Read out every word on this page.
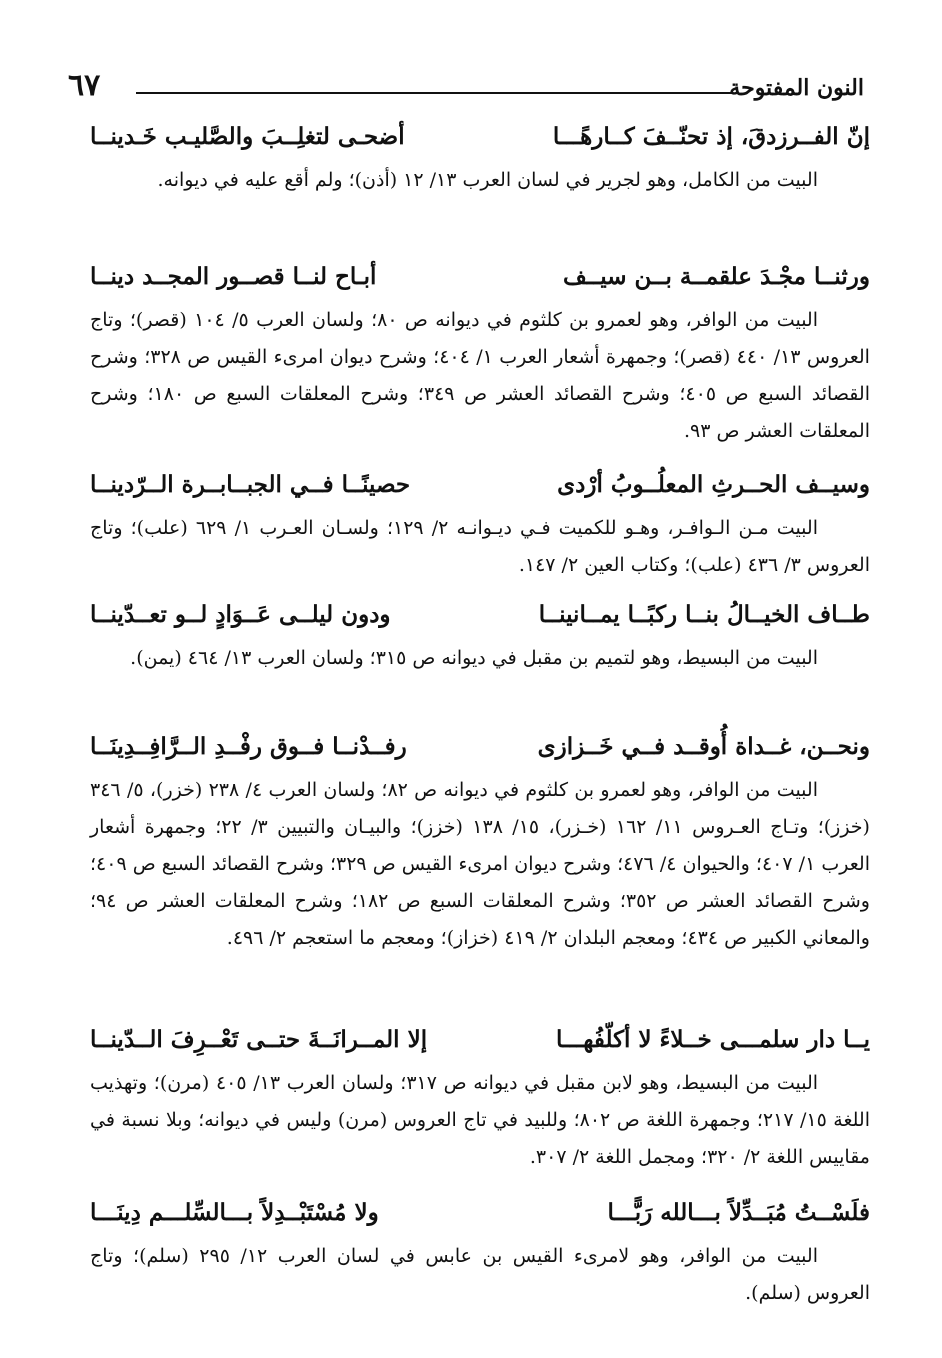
النون المفتوحة
٦٧
إنّ الفــرزدقَ، إذ تحنّــفَ كــارهًـــا
أضحـى لتغلِــبَ والصَّليـب خَـدينــا

البيت من الكامل، وهو لجرير في لسان العرب ١٣/ ١٢ (أذن)؛ ولم أقع عليه في ديوانه.

ورثنــا مجْـدَ علقمــة بــن سيــف
أبـاح لنــا قصــور المجــد دينــا

البيت من الوافر، وهو لعمرو بن كلثوم في ديوانه ص ٨٠؛ ولسان العرب ٥/ ١٠٤ (قصر)؛ وتاج العروس ١٣/ ٤٤٠ (قصر)؛ وجمهرة أشعار العرب ١/ ٤٠٤؛ وشرح ديوان امرىء القيس ص ٣٢٨؛ وشرح القصائد السبع ص ٤٠٥؛ وشرح القصائد العشر ص ٣٤٩؛ وشرح المعلقات السبع ص ١٨٠؛ وشرح المعلقات العشر ص ٩٣.

وسيــف الحــرثِ المعلُــوبُ أرْدى
حصينًــا فــي الجبــابــرة الــرّدينــا

البيت مـن الـوافـر، وهـو للكميت فـي ديـوانـه ٢/ ١٢٩؛ ولسـان العـرب ١/ ٦٢٩ (علب)؛ وتاج العروس ٣/ ٤٣٦ (علب)؛ وكتاب العين ٢/ ١٤٧.

طــاف الخيــالُ بنــا ركبًــا يمــانينــا
ودون ليلــى عَــوَادٍ لــو تعــدّينــا

البيت من البسيط، وهو لتميم بن مقبل في ديوانه ص ٣١٥؛ ولسان العرب ١٣/ ٤٦٤ (يمن).

ونحــن، غــداة أُوقــد فــي خَــزازى
رفــدْنــا فــوق رفْــدِ الــرَّافِــدِينَــا

البيت من الوافر، وهو لعمرو بن كلثوم في ديوانه ص ٨٢؛ ولسان العرب ٤/ ٢٣٨ (خزر)، ٥/ ٣٤٦ (خزز)؛ وتـاج العـروس ١١/ ١٦٢ (خـزر)، ١٥/ ١٣٨ (خزز)؛ والبيـان والتبيين ٣/ ٢٢؛ وجمهرة أشعار العرب ١/ ٤٠٧؛ والحيوان ٤/ ٤٧٦؛ وشرح ديوان امرىء القيس ص ٣٢٩؛ وشرح القصائد السبع ص ٤٠٩؛ وشرح القصائد العشر ص ٣٥٢؛ وشرح المعلقات السبع ص ١٨٢؛ وشرح المعلقات العشر ص ٩٤؛ والمعاني الكبير ص ٤٣٤؛ ومعجم البلدان ٢/ ٤١٩ (خزاز)؛ ومعجم ما استعجم ٢/ ٤٩٦.

يــا دار سلمـــى خــلاءً لا أكلّفُهـــا
إلا المــرانَــةَ حتــى تَعْــرِفَ الــدّينــا

البيت من البسيط، وهو لابن مقبل في ديوانه ص ٣١٧؛ ولسان العرب ١٣/ ٤٠٥ (مرن)؛ وتهذيب اللغة ١٥/ ٢١٧؛ وجمهرة اللغة ص ٨٠٢؛ وللبيد في تاج العروس (مرن) وليس في ديوانه؛ وبلا نسبة في مقاييس اللغة ٢/ ٣٢٠؛ ومجمل اللغة ٢/ ٣٠٧.

فلَسْــتُ مُبَــدِّلاً بـــالله رَبًّـــا
ولا مُسْتَبْــدِلاً بـــالسِّلـــم دِينَـــا

البيت من الوافر، وهو لامرىء القيس بن عابس في لسان العرب ١٢/ ٢٩٥ (سلم)؛ وتاج العروس (سلم).
